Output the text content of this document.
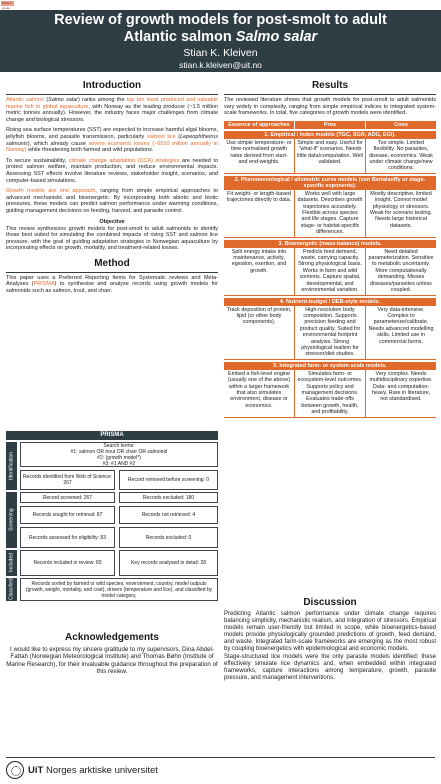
Printed poster
Review of growth models for post-smolt to adult
Atlantic salmon Salmo salar
Stian K. Kleiven
stian.k.kleiven@uit.no
Introduction

Atlantic salmon (Salmo salar) ranks among the top ten most produced and valuable marine fish in global aquaculture, with Norway as the leading producer (~1.5 million metric tonnes annually). However, the industry faces major challenges from climate change and biological stressors.

Rising sea surface temperatures (SST) are expected to increase harmful algal blooms, jellyfish blooms, and parasite transmission, particularly salmon lice (Lepeophtheirus salmonis), which already cause severe economic losses (~6510 million annually in Norway) while threatening both farmed and wild populations.

To secure sustainability, climate change adaptation (CCA) strategies are needed to protect salmon welfare, maintain production, and reduce environmental impacts. Assessing SST effects involve literature reviews, stakeholder insight, scenarios, and computer-based simulations.

Growth models are one approach, ranging from simple empirical approaches to advanced mechanistic and bioenergetic. By incorporating both abiotic and biotic pressures, these models can predict salmon performance under warming conditions, guiding management decisions on feeding, harvest, and parasite control.

Objective

This review synthesizes growth models for post-smolt to adult salmonids to identify those best suited for simulating the combined impacts of rising SST and salmon lice pressure, with the goal of guiding adaptation strategies in Norwegian aquaculture by incorporating effects on growth, mortality, and treatment-related losses.

Method

This paper uses a Preferred Reporting Items for Systematic reviews and Meta-Analyses (PRISMA) to synthesise and analyse records using growth models for salmonids such as salmon, trout, and charr.

PRISMA
Identification
Screening
Included
Classified
Search terms:
#1: salmon OR trout OR charr OR salmonid
#2: (growth model*)
#3: #1 AND #2
Records identified from Web of Science: 267	Record removed before screening: 0
Record screened: 267	Records excluded: 180
Records sought for retrieval: 87	Records not retrieved: 4
Records assessed for eligibility: 83	Records excluded: 0
Records included in review: 83	Key records analysed in detail: 28
Records sorted by farmed or wild species, environment, country, model outputs (growth, weight, mortality, and cost), drivers (temperature and lice), and classified by model category.
Acknowledgements
I would like to express my sincere gratitude to my supervisors, Dina Abdel-Fattah (Norwegian Meteorological Institute) and Thomas Bøhn (Institute of Marine Research), for their invaluable guidance throughout the preparation of this review.
Results

The reviewed literature shows that growth models for post-smolt to adult salmonids vary widely in complexity, ranging from simple empirical indices to integrated system-scale frameworks. In total, five categories of growth models were identified.

Essence of approaches	Pros	Cons
1. Empirical / index models (TGC, SGR, ADG, EGI).
Use simple temperature- or time-normalised growth rates derived from start- and end-weights.
Simple and easy. Useful for "what-if" scenarios. Needs little data/computation. Well validated.
Too simple. Limited flexibility. No parasites, disease, economics. Weak under climate change/new conditions.
2. Phenomenological / allometric curve models (von Bertalanffy or stage-specific exponents).
Fit weight- or length-based trajectories directly to data.
Works well with large datasets. Describes growth trajectories accurately. Flexible across species and life stages. Capture stage- or habitat-specific differences.
Mostly descriptive, limited insight. Connot model physiology or stressors. Weak for scenario testing. Needs large historical datasets.
3. Bioenergetic (mass-balance) models.
Split energy intake into maintenance, activity, egestion, exertion, and growth.
Predicts feed demand, waste, carrying capacity. Strong physiological basis. Works in farm and wild contexts. Capture spatial, developmental, and environmental variation.
Need detailed parameterization. Sensitive to metabolic uncertainty. More computationally demanding. Misses diseases/parasites unless coupled.
4. Nutrient-budget / DEB-style models.
Track deposition of protein, lipid (or other body components).
High-resolution body composition. Supports precision feeding and product quality. Suited for environmental footprint analysis. Strong physiological realism for stressor/diet studies.
Very data-intensive. Complex to parameterize/calibrate. Needs advanced modelling skills. Limited use in commercial farms.
5. Integrated farm- or system-scale models.
Embed a fish-level engine (usually one of the above) within a larger framework that also simulates environment, disease or economics.
Simulates farm- or ecosystem-level outcomes. Supports policy and management decisions. Evaluates trade-offs between growth, health, and profitability.
Very complex. Needs multidisciplinary expertise. Data- and computation-heavy. Rare in literature, not standardised.
Discussion

Predicting Atlantic salmon performance under climate change requires balancing simplicity, mechanistic realism, and integration of stressors. Empirical models remain user-friendly but limited in scope, while bioenergetics-based models provide physiologically grounded predictions of growth, feed demand, and waste. Integrated farm-scale frameworks are emerging as the most robust by coupling bioenergetics with epidemiological and economic models.

Stage-structured lice models were the only parasite models identified; these effectively simulate lice dynamics and, when embedded within integrated frameworks, capture interactions among temperature, growth, parasite pressure, and management interventions.

UiT Norges arktiske universitet
